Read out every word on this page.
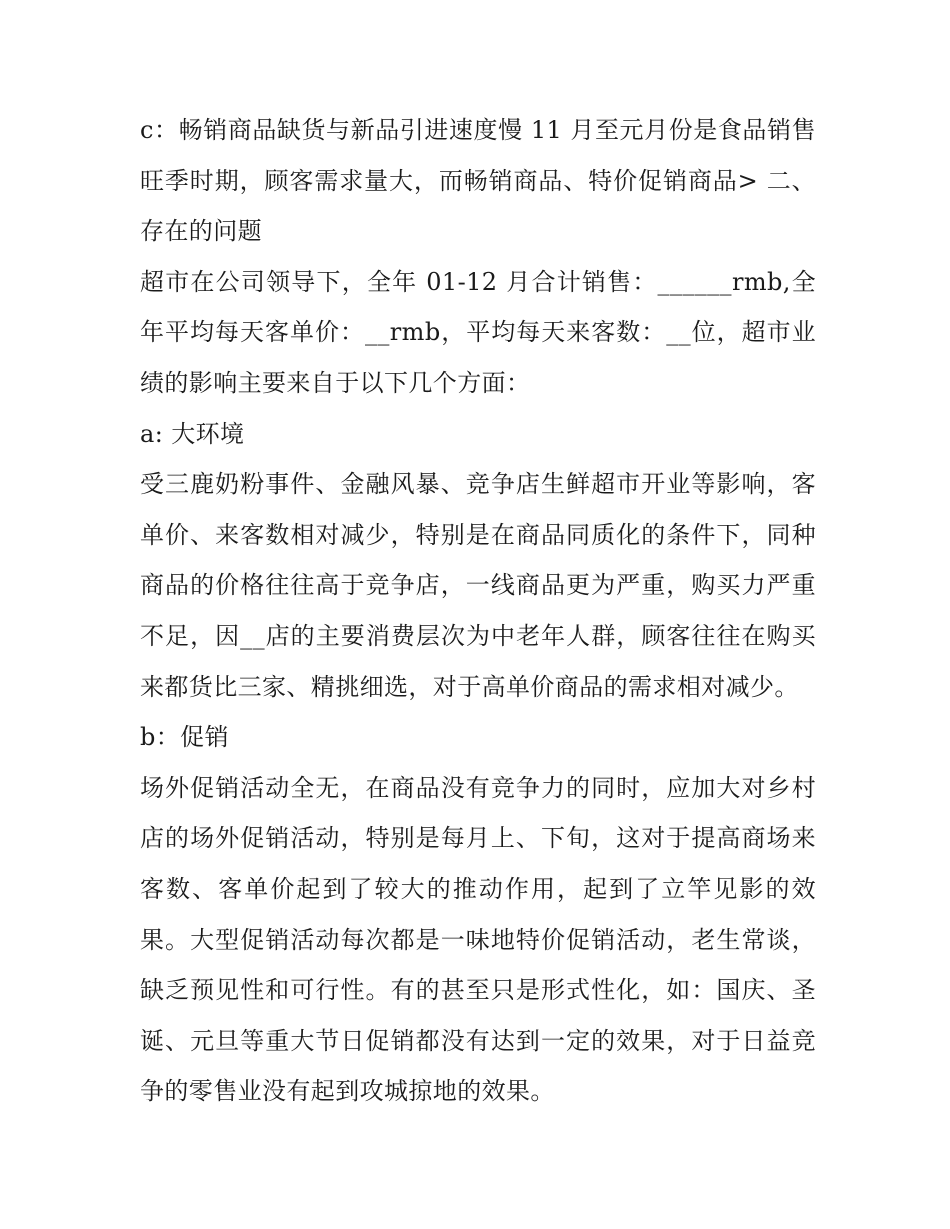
c：畅销商品缺货与新品引进速度慢 11 月至元月份是食品销售旺季时期，顾客需求量大，而畅销商品、特价促销商品> 二、存在的问题

超市在公司领导下，全年 01-12 月合计销售：______rmb,全年平均每天客单价：__rmb，平均每天来客数：__位，超市业绩的影响主要来自于以下几个方面：

a: 大环境

受三鹿奶粉事件、金融风暴、竞争店生鲜超市开业等影响，客单价、来客数相对减少，特别是在商品同质化的条件下，同种商品的价格往往高于竞争店，一线商品更为严重，购买力严重不足，因__店的主要消费层次为中老年人群，顾客往往在购买来都货比三家、精挑细选，对于高单价商品的需求相对减少。

b：促销

场外促销活动全无，在商品没有竞争力的同时，应加大对乡村店的场外促销活动，特别是每月上、下旬，这对于提高商场来客数、客单价起到了较大的推动作用，起到了立竿见影的效果。大型促销活动每次都是一味地特价促销活动，老生常谈，缺乏预见性和可行性。有的甚至只是形式性化，如：国庆、圣诞、元旦等重大节日促销都没有达到一定的效果，对于日益竞争的零售业没有起到攻城掠地的效果。
